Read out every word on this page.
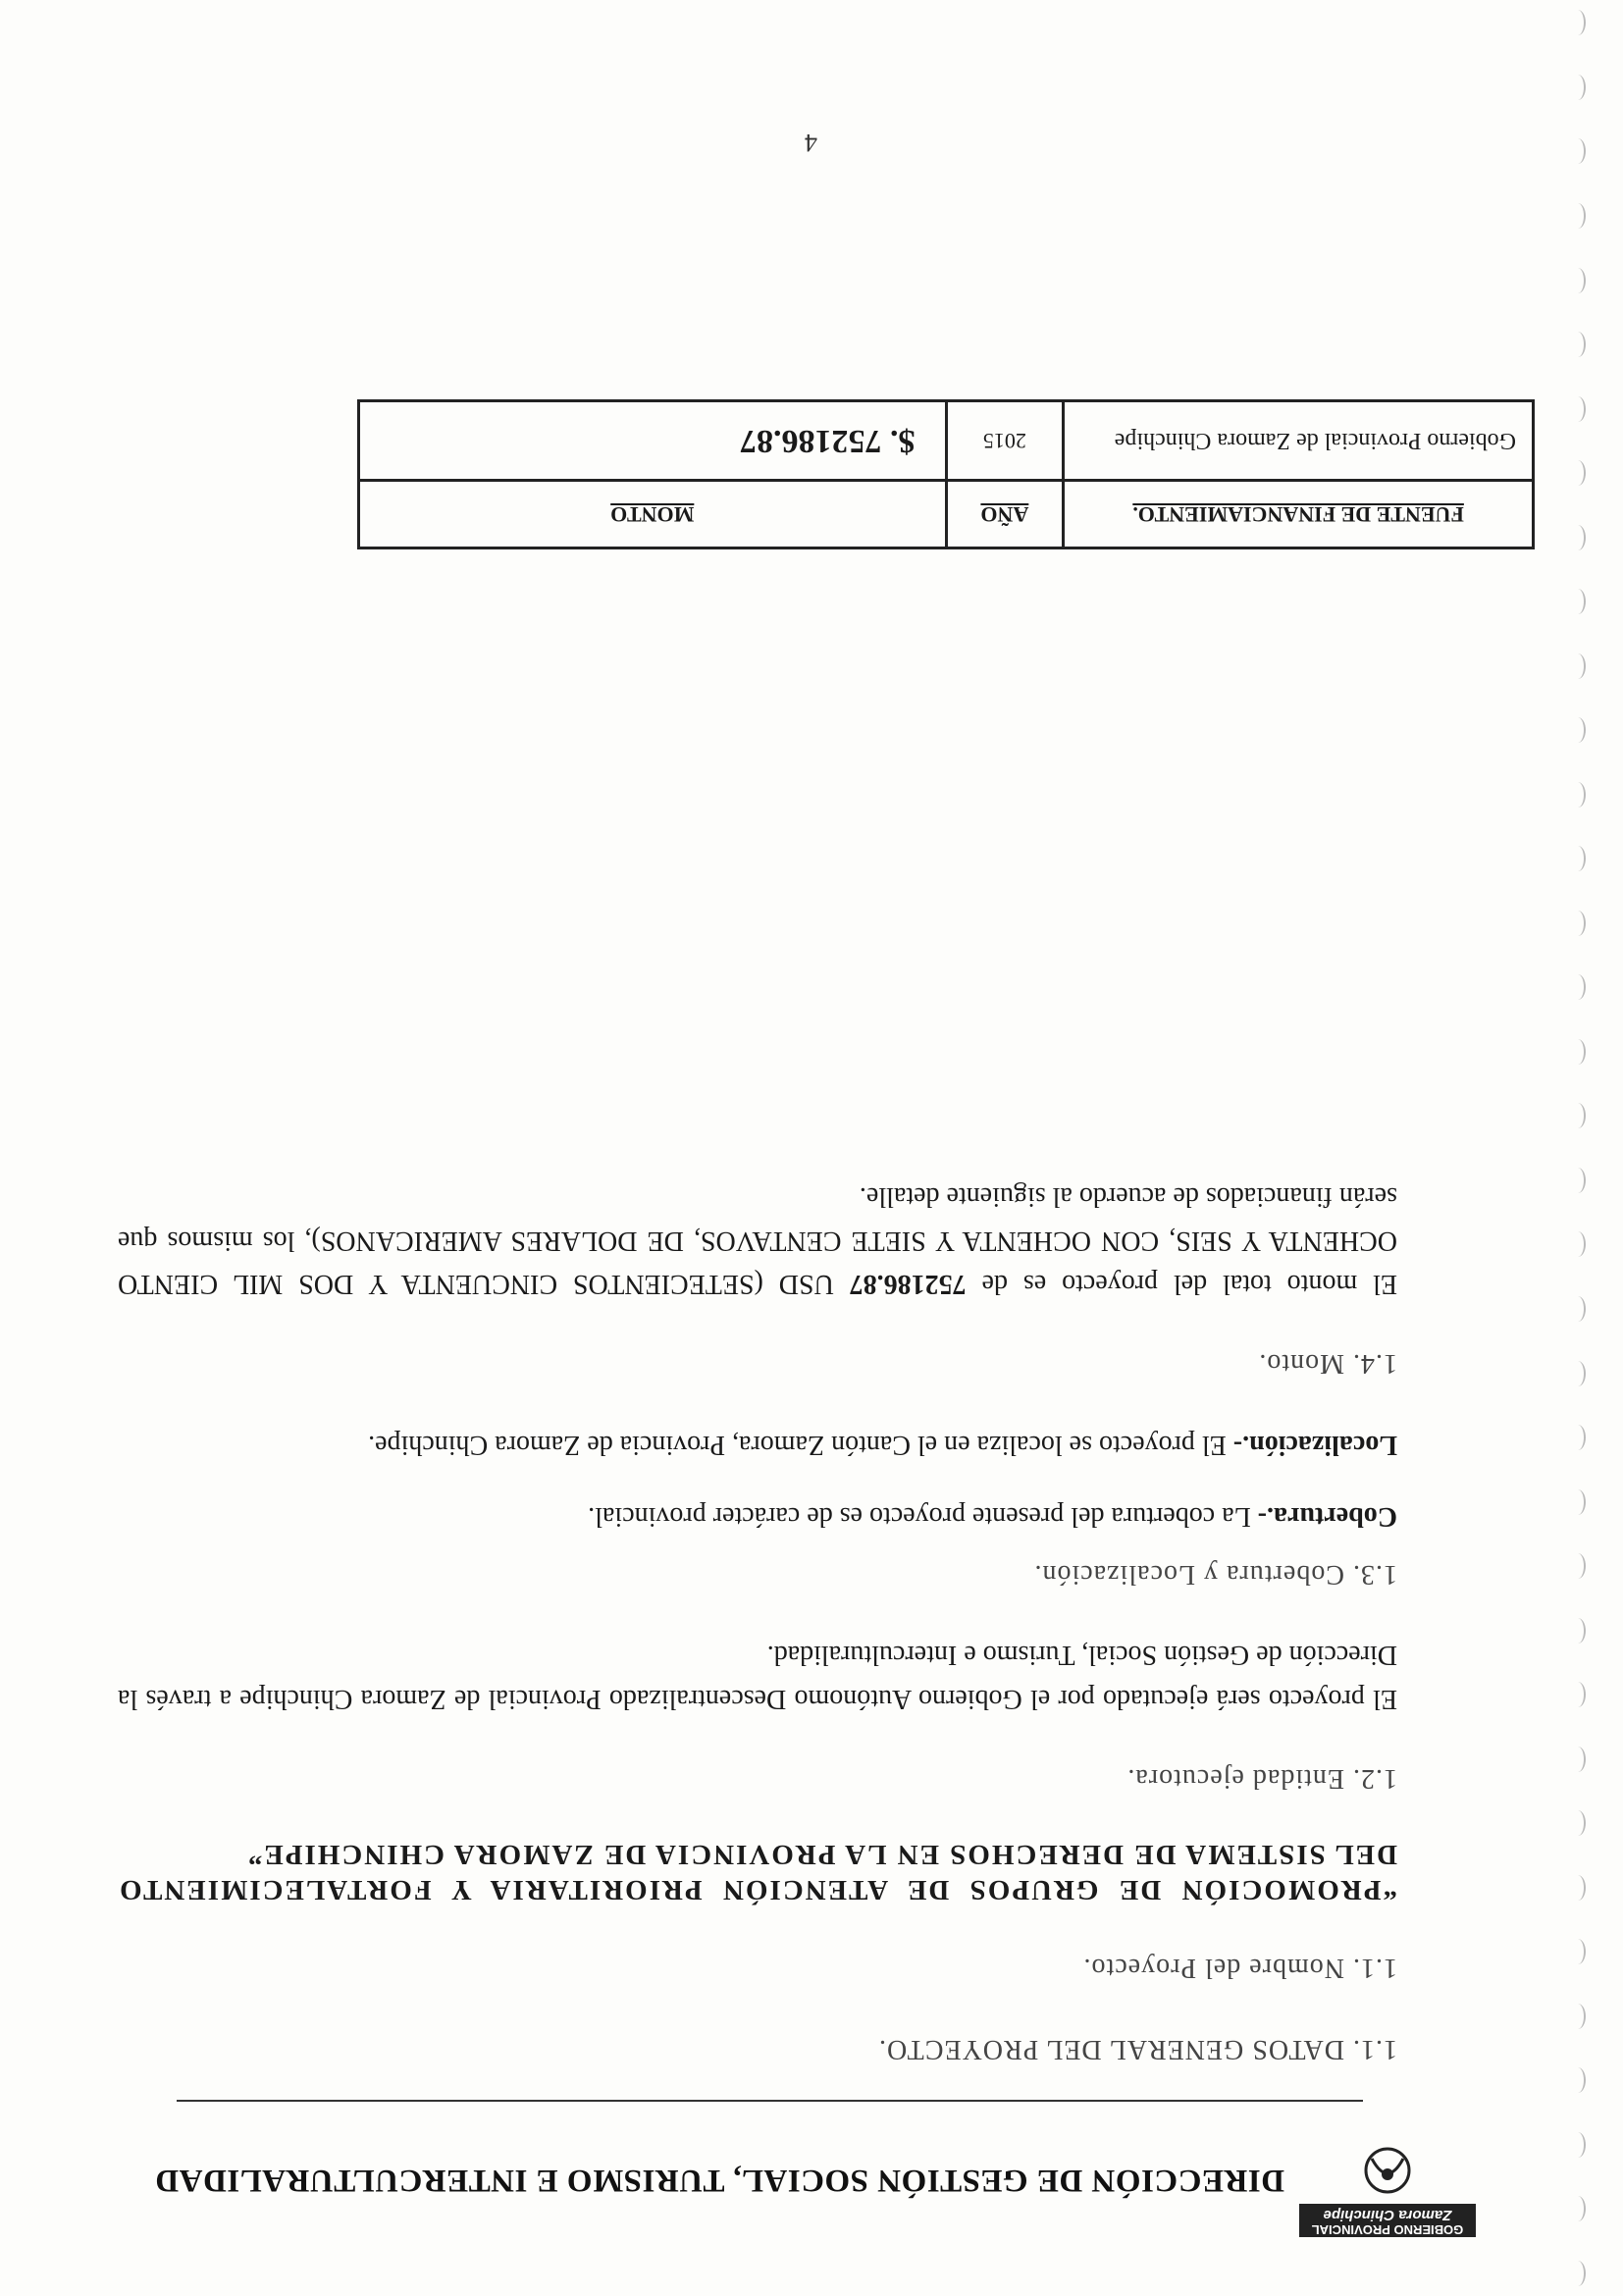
GOBIERNO PROVINCIAL
Zamora Chinchipe
DIRECCIÓN DE GESTIÓN SOCIAL, TURISMO E INTERCULTURALIDAD

1.1. DATOS GENERAL DEL PROYECTO.

1.1. Nombre del Proyecto.

“PROMOCIÓN DE GRUPOS DE ATENCIÓN PRIORITARIA Y FORTALECIMIENTO DEL SISTEMA DE DERECHOS EN LA PROVINCIA DE ZAMORA CHINCHIPE”

1.2. Entidad ejecutora.

El proyecto será ejecutado por el Gobierno Autónomo Descentralizado Provincial de Zamora Chinchipe a través la Dirección de Gestión Social, Turismo e Interculturalidad.

1.3. Cobertura y Localización.

Cobertura.- La cobertura del presente proyecto es de carácter provincial.

Localización.- El proyecto se localiza en el Cantón Zamora, Provincia de Zamora Chinchipe.

1.4. Monto.

El monto total del proyecto es de 752186.87 USD (SETECIENTOS CINCUENTA Y DOS MIL CIENTO OCHENTA Y SEIS, CON OCHENTA Y SIETE CENTAVOS, DE DOLARES AMERICANOS), los mismos que serán financiados de acuerdo al siguiente detalle.

FUENTE DE FINANCIAMIENTO.	AÑO	MONTO
Gobierno Provincial de Zamora Chinchipe	2015	$. 752186.87
4
